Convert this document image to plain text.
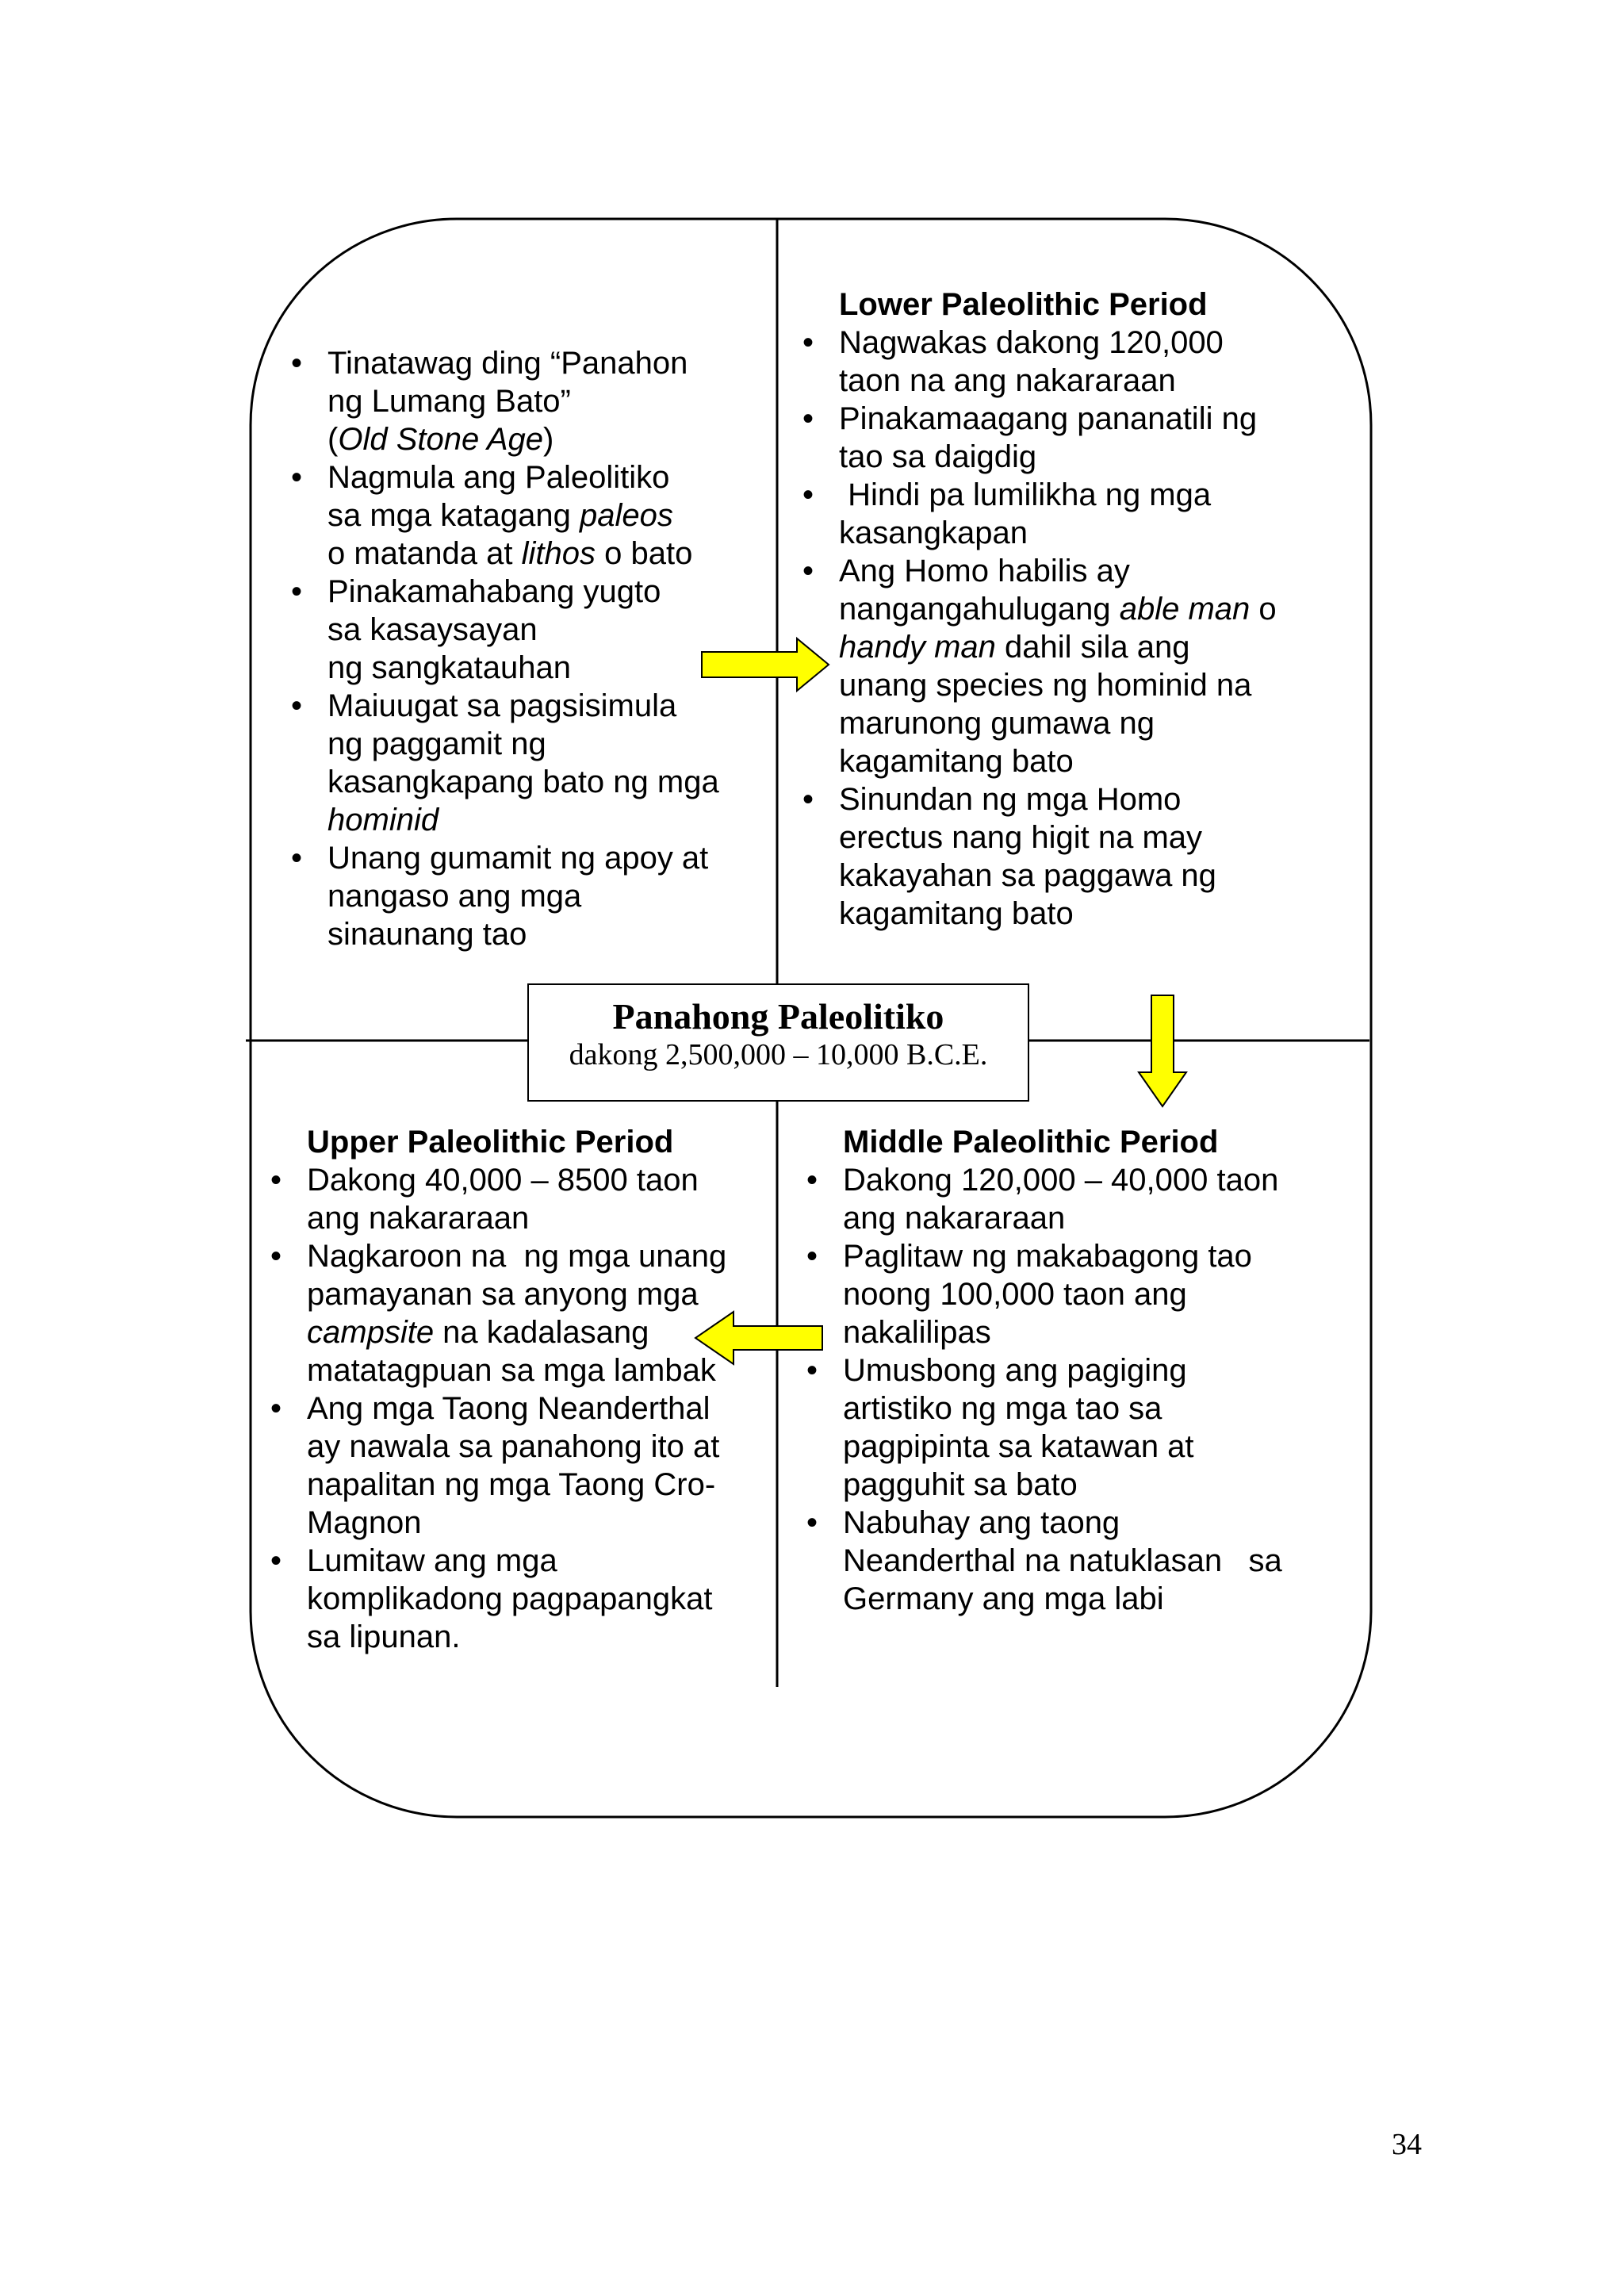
• Tinatawag ding “Panahon
ng Lumang Bato”
(Old Stone Age)
• Nagmula ang Paleolitiko
sa mga katagang paleos
o matanda at lithos o bato
• Pinakamahabang yugto
sa kasaysayan
ng sangkatauhan
• Maiuugat sa pagsisimula
ng paggamit ng
kasangkapang bato ng mga
hominid
• Unang gumamit ng apoy at
nangaso ang mga
sinaunang tao
Lower Paleolithic Period
• Nagwakas dakong 120,000
taon na ang nakararaan
• Pinakamaagang pananatili ng
tao sa daigdig
•  Hindi pa lumilikha ng mga
kasangkapan
• Ang Homo habilis ay
nangangahulugang able man o
handy man dahil sila ang
unang species ng hominid na
marunong gumawa ng
kagamitang bato
• Sinundan ng mga Homo
erectus nang higit na may
kakayahan sa paggawa ng
kagamitang bato
Panahong Paleolitiko
dakong 2,500,000 – 10,000 B.C.E.
Upper Paleolithic Period
• Dakong 40,000 – 8500 taon
ang nakararaan
• Nagkaroon na  ng mga unang
pamayanan sa anyong mga
campsite na kadalasang
matatagpuan sa mga lambak
• Ang mga Taong Neanderthal
ay nawala sa panahong ito at
napalitan ng mga Taong Cro-
Magnon
• Lumitaw ang mga
komplikadong pagpapangkat
sa lipunan.
Middle Paleolithic Period
• Dakong 120,000 – 40,000 taon
ang nakararaan
• Paglitaw ng makabagong tao
noong 100,000 taon ang
nakalilipas
• Umusbong ang pagiging
artistiko ng mga tao sa
pagpipinta sa katawan at
pagguhit sa bato
• Nabuhay ang taong
Neanderthal na natuklasan   sa
Germany ang mga labi
34
